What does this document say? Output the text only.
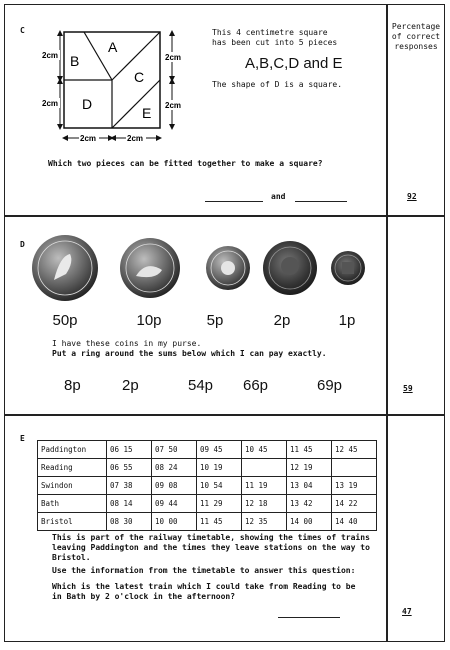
Percentage
of correct
responses
C
A
B
C
D
E
2cm
2cm
2cm
2cm
2cm	2cm
This 4 centimetre square
has been cut into 5 pieces
A,B,C,D and E
The shape of D is a square.
Which two pieces can be fitted together to make a square?
and	92
D
50p	10p	5p	2p	1p
I have these coins in my purse.
Put a ring around the sums below which I can pay exactly.
8p	2p	54p 66p	69p	59
E
Paddington	06 15	07 50	09 45	10 45	11 45	12 45
Reading	06 55	08 24	10 19		12 19	
Swindon	07 38	09 08	10 54	11 19	13 04	13 19
Bath	08 14	09 44	11 29	12 18	13 42	14 22
Bristol	08 30	10 00	11 45	12 35	14 00	14 40
This is part of the railway timetable, showing the times of trains leaving Paddington and the times they leave stations on the way to Bristol.
Use the information from the timetable to answer this question:
Which is the latest train which I could take from Reading to be in Bath by 2 o'clock in the afternoon?
47
